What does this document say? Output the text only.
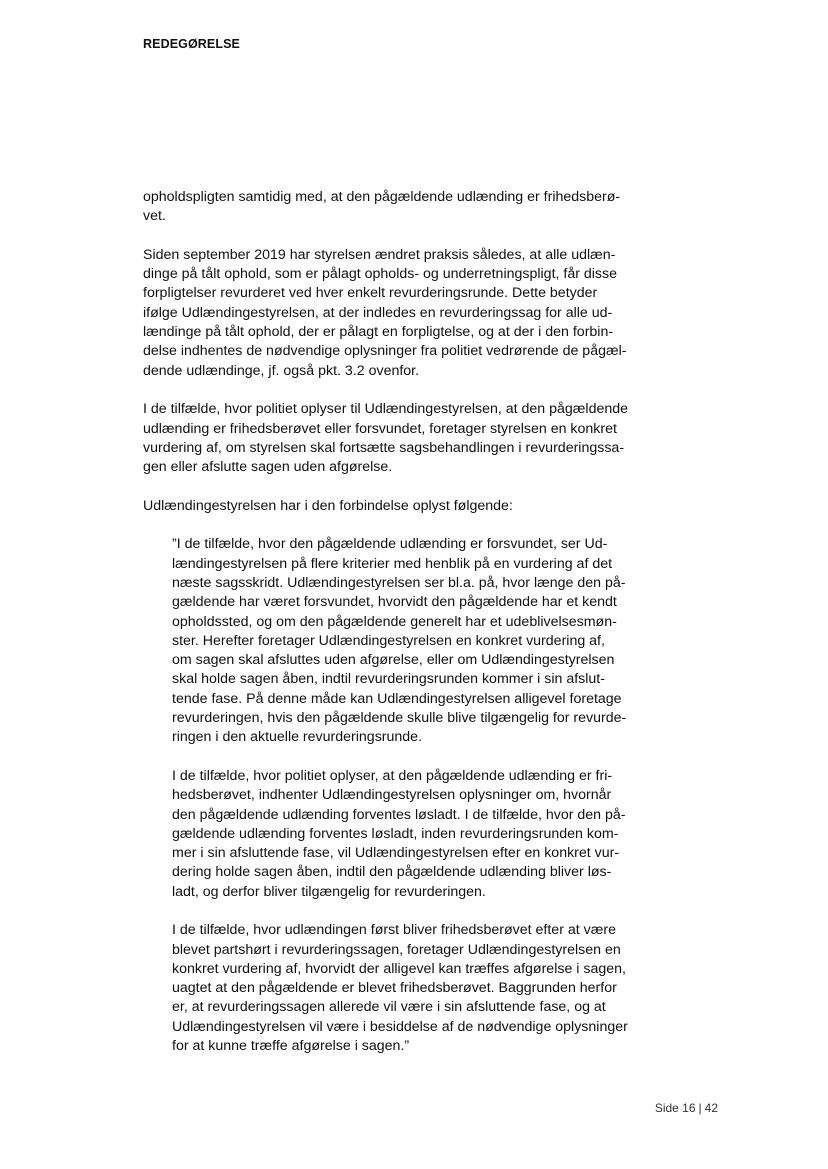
REDEGØRELSE

opholdspligten samtidig med, at den pågældende udlænding er frihedsberø-
vet.

Siden september 2019 har styrelsen ændret praksis således, at alle udlæn-
dinge på tålt ophold, som er pålagt opholds- og underretningspligt, får disse
forpligtelser revurderet ved hver enkelt revurderingsrunde. Dette betyder
ifølge Udlændingestyrelsen, at der indledes en revurderingssag for alle ud-
lændinge på tålt ophold, der er pålagt en forpligtelse, og at der i den forbin-
delse indhentes de nødvendige oplysninger fra politiet vedrørende de pågæl-
dende udlændinge, jf. også pkt. 3.2 ovenfor.

I de tilfælde, hvor politiet oplyser til Udlændingestyrelsen, at den pågældende
udlænding er frihedsberøvet eller forsvundet, foretager styrelsen en konkret
vurdering af, om styrelsen skal fortsætte sagsbehandlingen i revurderingssa-
gen eller afslutte sagen uden afgørelse.

Udlændingestyrelsen har i den forbindelse oplyst følgende:

”I de tilfælde, hvor den pågældende udlænding er forsvundet, ser Ud-
lændingestyrelsen på flere kriterier med henblik på en vurdering af det
næste sagsskridt. Udlændingestyrelsen ser bl.a. på, hvor længe den på-
gældende har været forsvundet, hvorvidt den pågældende har et kendt
opholdssted, og om den pågældende generelt har et udeblivelsesmøn-
ster. Herefter foretager Udlændingestyrelsen en konkret vurdering af,
om sagen skal afsluttes uden afgørelse, eller om Udlændingestyrelsen
skal holde sagen åben, indtil revurderingsrunden kommer i sin afslut-
tende fase. På denne måde kan Udlændingestyrelsen alligevel foretage
revurderingen, hvis den pågældende skulle blive tilgængelig for revurde-
ringen i den aktuelle revurderingsrunde.

I de tilfælde, hvor politiet oplyser, at den pågældende udlænding er fri-
hedsberøvet, indhenter Udlændingestyrelsen oplysninger om, hvornår
den pågældende udlænding forventes løsladt. I de tilfælde, hvor den på-
gældende udlænding forventes løsladt, inden revurderingsrunden kom-
mer i sin afsluttende fase, vil Udlændingestyrelsen efter en konkret vur-
dering holde sagen åben, indtil den pågældende udlænding bliver løs-
ladt, og derfor bliver tilgængelig for revurderingen.

I de tilfælde, hvor udlændingen først bliver frihedsberøvet efter at være
blevet partshørt i revurderingssagen, foretager Udlændingestyrelsen en
konkret vurdering af, hvorvidt der alligevel kan træffes afgørelse i sagen,
uagtet at den pågældende er blevet frihedsberøvet. Baggrunden herfor
er, at revurderingssagen allerede vil være i sin afsluttende fase, og at
Udlændingestyrelsen vil være i besiddelse af de nødvendige oplysninger
for at kunne træffe afgørelse i sagen.”

Side 16 | 42
